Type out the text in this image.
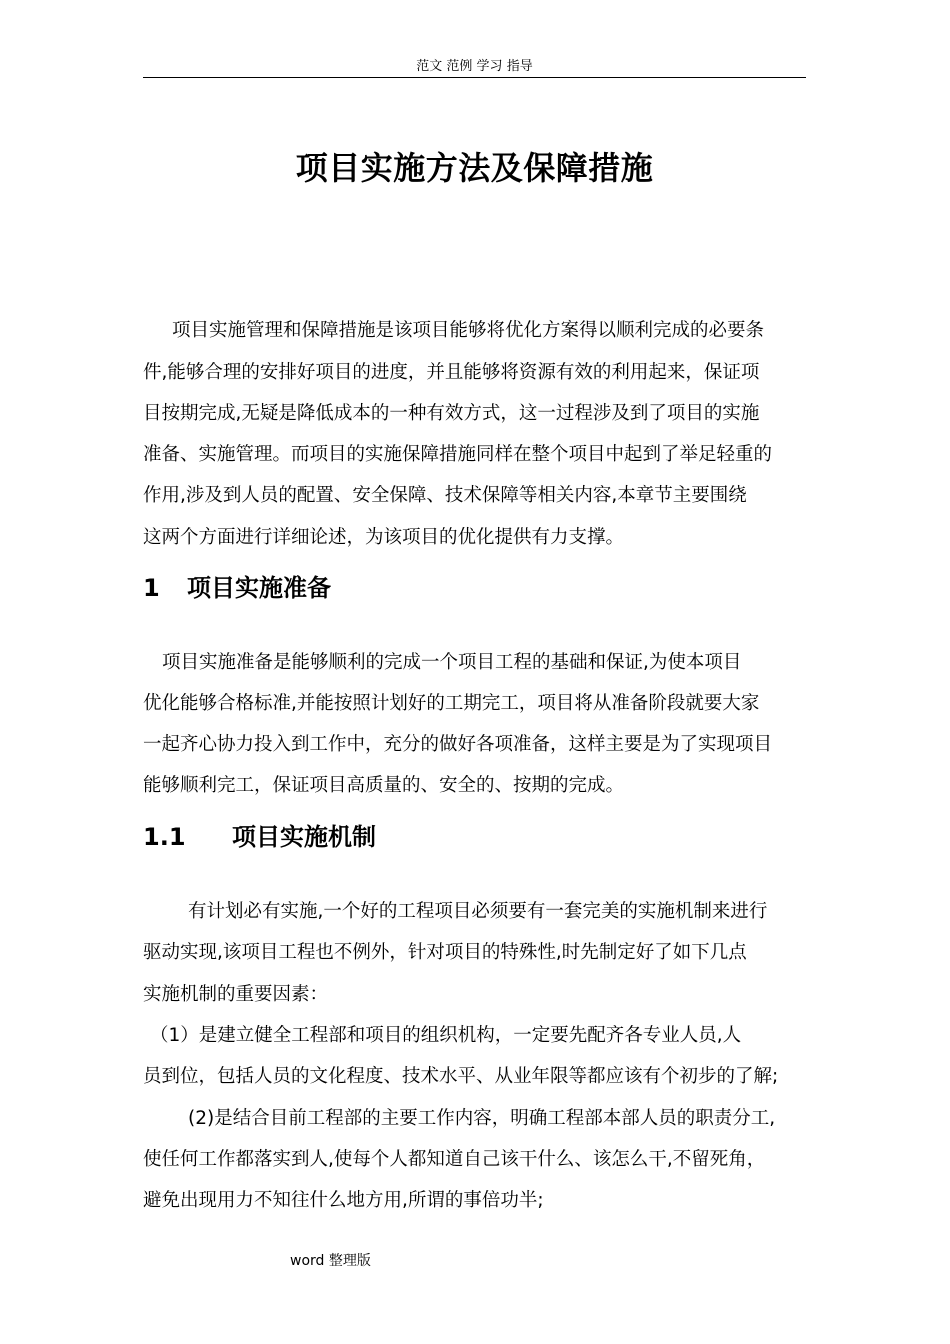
范文 范例 学习 指导
项目实施方法及保障措施
项目实施管理和保障措施是该项目能够将优化方案得以顺利完成的必要条
件,能够合理的安排好项目的进度，并且能够将资源有效的利用起来，保证项
目按期完成,无疑是降低成本的一种有效方式，这一过程涉及到了项目的实施
准备、实施管理。而项目的实施保障措施同样在整个项目中起到了举足轻重的
作用,涉及到人员的配置、安全保障、技术保障等相关内容,本章节主要围绕
这两个方面进行详细论述，为该项目的优化提供有力支撑。
1 项目实施准备
项目实施准备是能够顺利的完成一个项目工程的基础和保证,为使本项目
优化能够合格标准,并能按照计划好的工期完工，项目将从准备阶段就要大家
一起齐心协力投入到工作中，充分的做好各项准备，这样主要是为了实现项目
能够顺利完工，保证项目高质量的、安全的、按期的完成。
1.1 项目实施机制
有计划必有实施,一个好的工程项目必须要有一套完美的实施机制来进行
驱动实现,该项目工程也不例外，针对项目的特殊性,时先制定好了如下几点
实施机制的重要因素：
（1）是建立健全工程部和项目的组织机构，一定要先配齐各专业人员,人
员到位，包括人员的文化程度、技术水平、从业年限等都应该有个初步的了解;
(2)是结合目前工程部的主要工作内容，明确工程部本部人员的职责分工,
使任何工作都落实到人,使每个人都知道自己该干什么、该怎么干,不留死角，
避免出现用力不知往什么地方用,所谓的事倍功半;
word 整理版
